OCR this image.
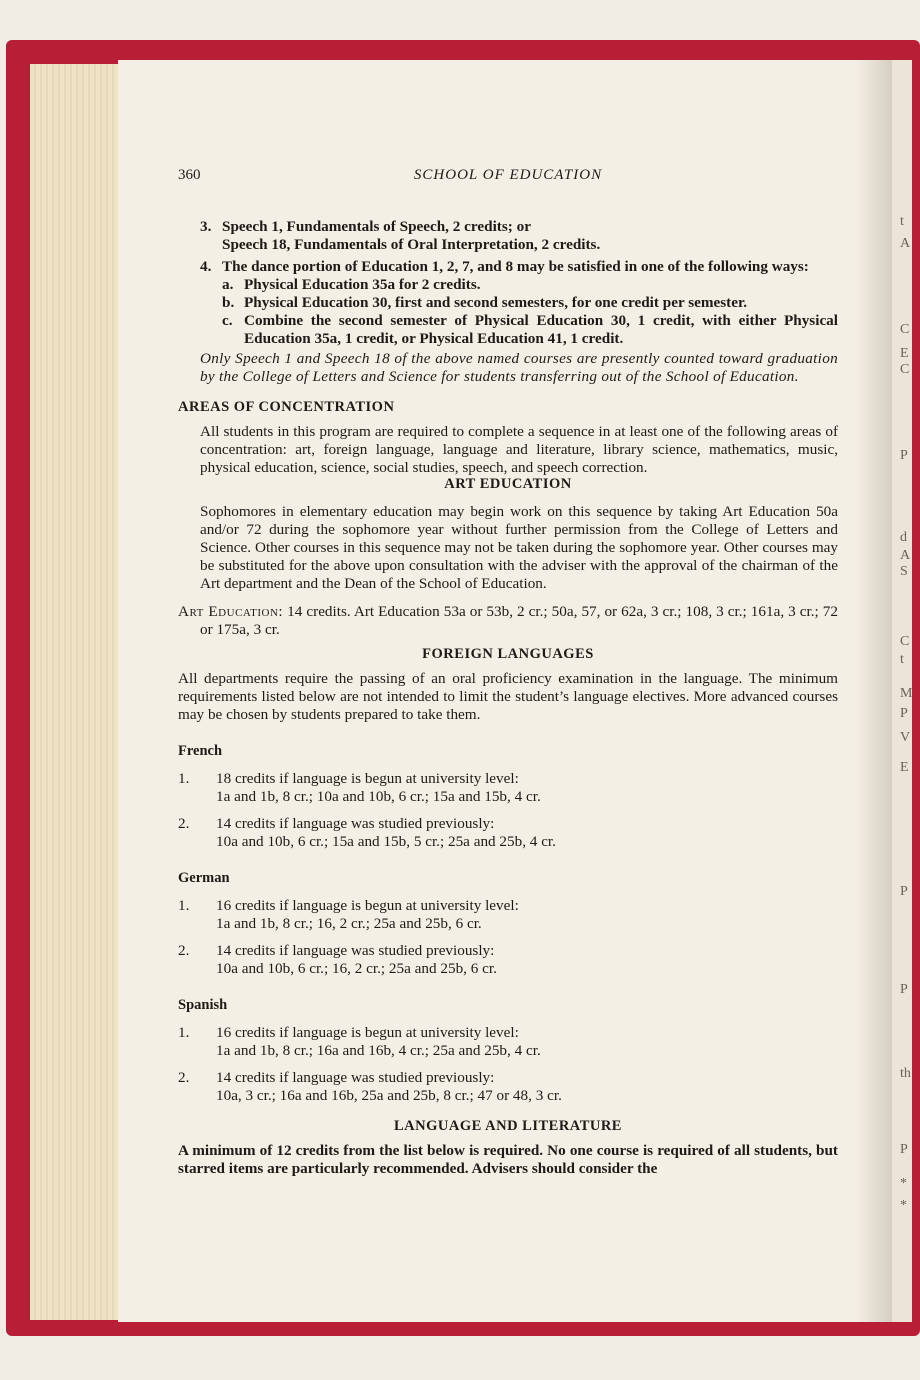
t
A
C
E
C
P
d
A
S
C
t
M
P
V
E
P
P
th
P
*
*
360	SCHOOL OF EDUCATION
3. Speech 1, Fundamentals of Speech, 2 credits; or
Speech 18, Fundamentals of Oral Interpretation, 2 credits.
4. The dance portion of Education 1, 2, 7, and 8 may be satisfied in one of the following ways:
a. Physical Education 35a for 2 credits.
b. Physical Education 30, first and second semesters, for one credit per semester.
c. Combine the second semester of Physical Education 30, 1 credit, with either Physical Education 35a, 1 credit, or Physical Education 41, 1 credit.

Only Speech 1 and Speech 18 of the above named courses are presently counted toward graduation by the College of Letters and Science for students transferring out of the School of Education.

AREAS OF CONCENTRATION

All students in this program are required to complete a sequence in at least one of the following areas of concentration: art, foreign language, language and literature, library science, mathematics, music, physical education, science, social studies, speech, and speech correction.

ART EDUCATION

Sophomores in elementary education may begin work on this sequence by taking Art Education 50a and/or 72 during the sophomore year without further permission from the College of Letters and Science. Other courses in this sequence may not be taken during the sophomore year. Other courses may be substituted for the above upon consultation with the adviser with the approval of the chairman of the Art department and the Dean of the School of Education.

Art Education: 14 credits. Art Education 53a or 53b, 2 cr.; 50a, 57, or 62a, 3 cr.; 108, 3 cr.; 161a, 3 cr.; 72 or 175a, 3 cr.

FOREIGN LANGUAGES

All departments require the passing of an oral proficiency examination in the language. The minimum requirements listed below are not intended to limit the student’s language electives. More advanced courses may be chosen by students prepared to take them.

French
1.	18 credits if language is begun at university level:
1a and 1b, 8 cr.; 10a and 10b, 6 cr.; 15a and 15b, 4 cr.
2.	14 credits if language was studied previously:
10a and 10b, 6 cr.; 15a and 15b, 5 cr.; 25a and 25b, 4 cr.
German
1.	16 credits if language is begun at university level:
1a and 1b, 8 cr.; 16, 2 cr.; 25a and 25b, 6 cr.
2.	14 credits if language was studied previously:
10a and 10b, 6 cr.; 16, 2 cr.; 25a and 25b, 6 cr.
Spanish
1.	16 credits if language is begun at university level:
1a and 1b, 8 cr.; 16a and 16b, 4 cr.; 25a and 25b, 4 cr.
2.	14 credits if language was studied previously:
10a, 3 cr.; 16a and 16b, 25a and 25b, 8 cr.; 47 or 48, 3 cr.
LANGUAGE AND LITERATURE

A minimum of 12 credits from the list below is required. No one course is required of all students, but starred items are particularly recommended. Advisers should consider the
